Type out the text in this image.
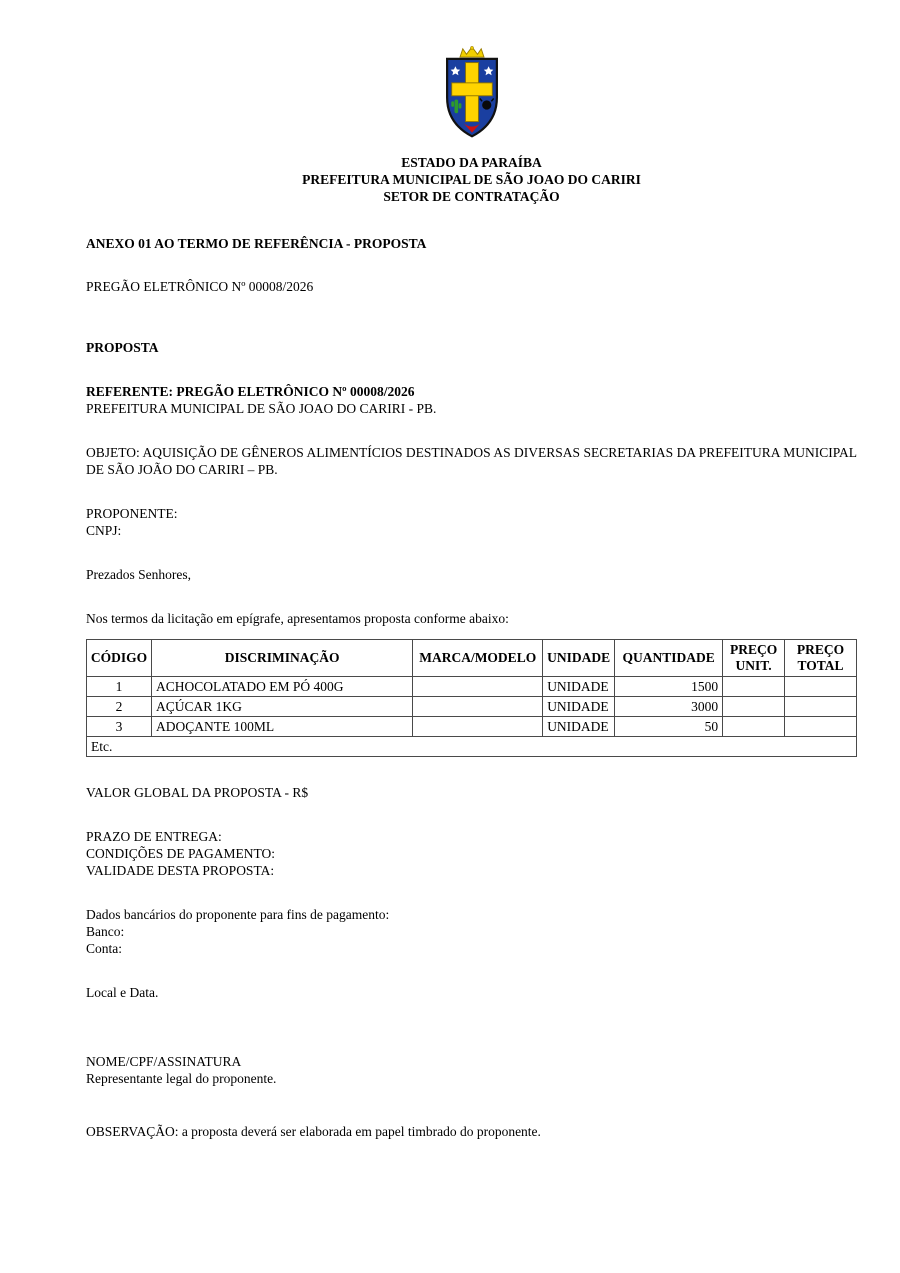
ESTADO DA PARAÍBA

PREFEITURA MUNICIPAL DE SÃO JOAO DO CARIRI

SETOR DE CONTRATAÇÃO

ANEXO 01 AO TERMO DE REFERÊNCIA - PROPOSTA

PREGÃO ELETRÔNICO Nº 00008/2026

PROPOSTA

REFERENTE: PREGÃO ELETRÔNICO Nº 00008/2026

PREFEITURA MUNICIPAL DE SÃO JOAO DO CARIRI - PB.

OBJETO: AQUISIÇÃO DE GÊNEROS ALIMENTÍCIOS DESTINADOS AS DIVERSAS SECRETARIAS DA PREFEITURA MUNICIPAL DE SÃO JOÃO DO CARIRI – PB.

PROPONENTE:

CNPJ:

Prezados Senhores,

Nos termos da licitação em epígrafe, apresentamos proposta conforme abaixo:

CÓDIGO	DISCRIMINAÇÃO	MARCA/MODELO	UNIDADE	QUANTIDADE	PREÇO UNIT.	PREÇO TOTAL
1	ACHOCOLATADO EM PÓ 400G		UNIDADE	1500		
2	AÇÚCAR 1KG		UNIDADE	3000		
3	ADOÇANTE 100ML		UNIDADE	50		
Etc.						

VALOR GLOBAL DA PROPOSTA - R$

PRAZO DE ENTREGA:

CONDIÇÕES DE PAGAMENTO:

VALIDADE DESTA PROPOSTA:

Dados bancários do proponente para fins de pagamento:

Banco:

Conta:

Local e Data.

NOME/CPF/ASSINATURA

Representante legal do proponente.

OBSERVAÇÃO: a proposta deverá ser elaborada em papel timbrado do proponente.
